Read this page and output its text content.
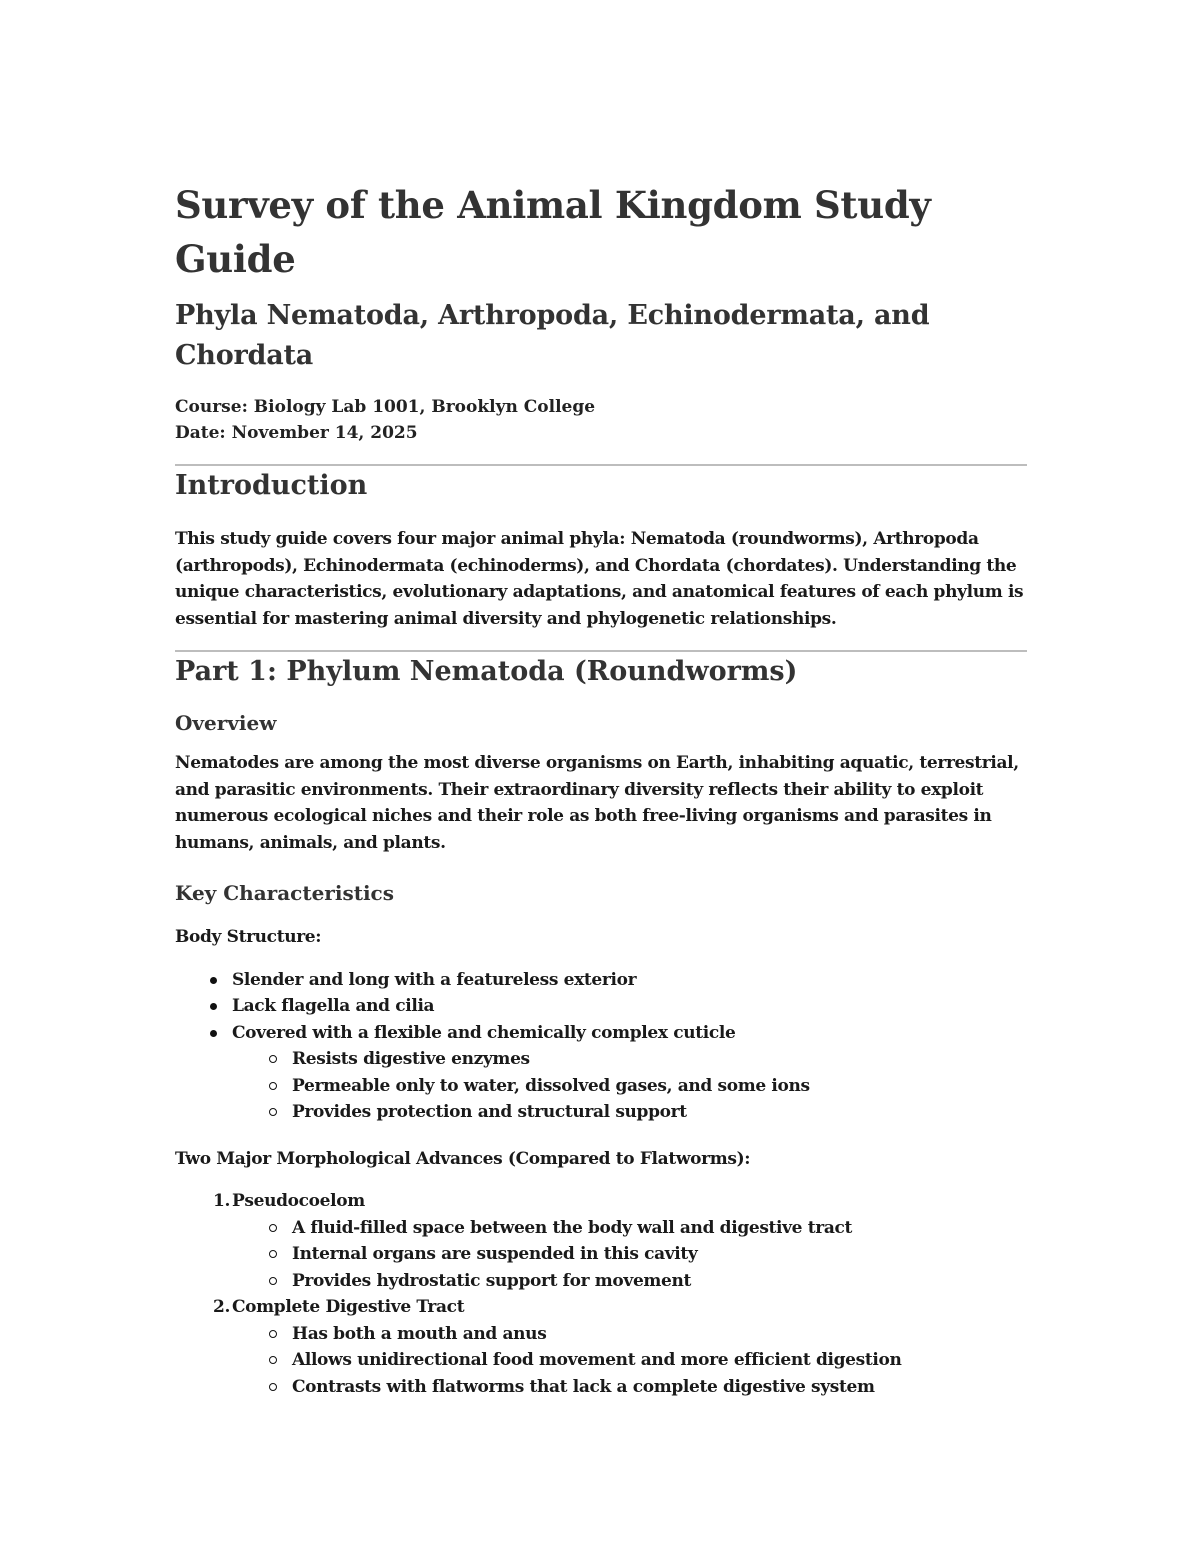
Survey of the Animal Kingdom Study Guide
Phyla Nematoda, Arthropoda, Echinodermata, and
Chordata
Course: Biology Lab 1001, Brooklyn College
Date: November 14, 2025
Introduction

This study guide covers four major animal phyla: Nematoda (roundworms), Arthropoda (arthropods), Echinodermata (echinoderms), and Chordata (chordates). Understanding the unique characteristics, evolutionary adaptations, and anatomical features of each phylum is essential for mastering animal diversity and phylogenetic relationships.

Part 1: Phylum Nematoda (Roundworms)
Overview

Nematodes are among the most diverse organisms on Earth, inhabiting aquatic, terrestrial, and parasitic environments. Their extraordinary diversity reflects their ability to exploit numerous ecological niches and their role as both free-living organisms and parasites in humans, animals, and plants.

Key Characteristics

Body Structure:

Slender and long with a featureless exterior
Lack flagella and cilia
Covered with a flexible and chemically complex cuticle
Resists digestive enzymes
Permeable only to water, dissolved gases, and some ions
Provides protection and structural support

Two Major Morphological Advances (Compared to Flatworms):

1. Pseudocoelom
A fluid-filled space between the body wall and digestive tract
Internal organs are suspended in this cavity
Provides hydrostatic support for movement
2. Complete Digestive Tract
Has both a mouth and anus
Allows unidirectional food movement and more efficient digestion
Contrasts with flatworms that lack a complete digestive system
